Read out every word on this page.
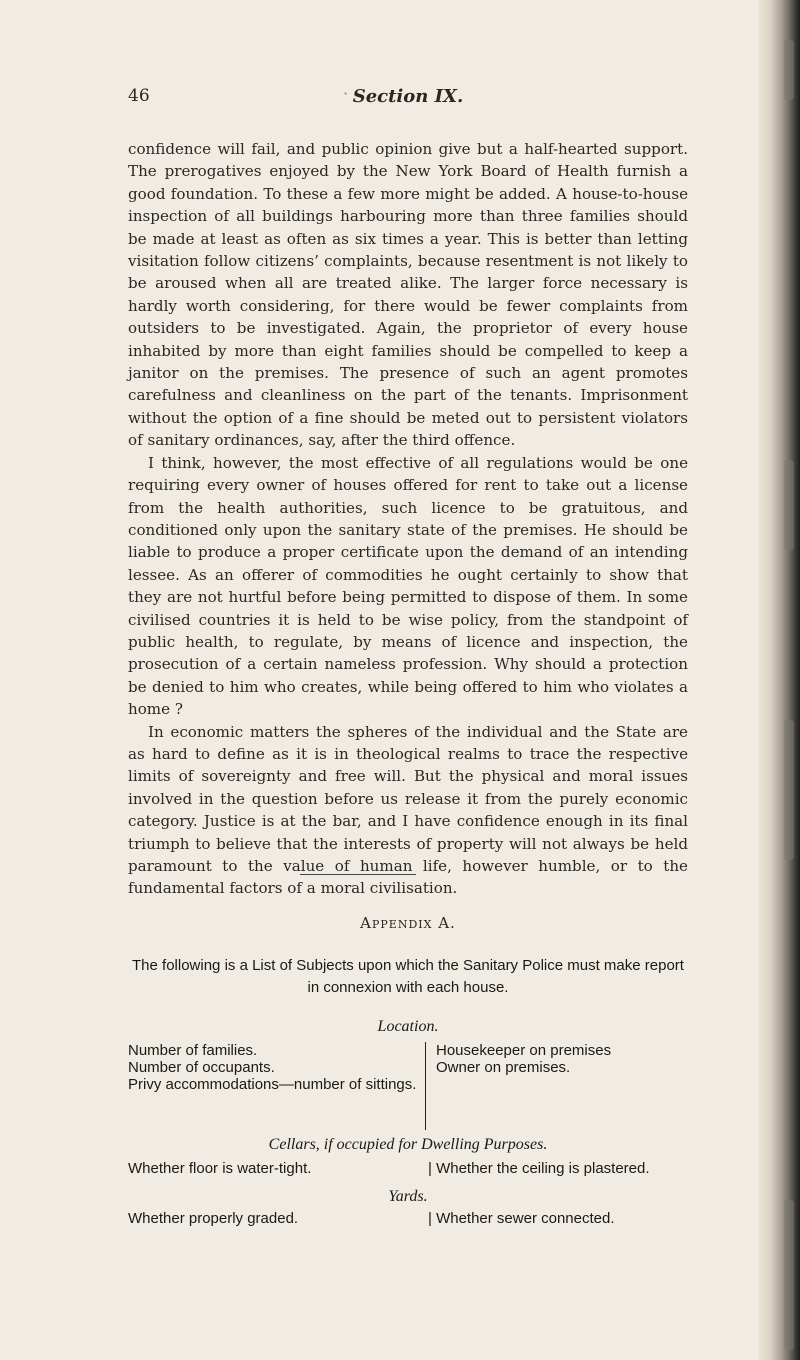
46	· Section IX.

confidence will fail, and public opinion give but a half-hearted support. The prerogatives enjoyed by the New York Board of Health furnish a good foundation. To these a few more might be added. A house-to-house inspection of all buildings harbouring more than three families should be made at least as often as six times a year. This is better than letting visitation follow citizens’ complaints, because resentment is not likely to be aroused when all are treated alike. The larger force necessary is hardly worth considering, for there would be fewer complaints from outsiders to be investigated. Again, the proprietor of every house inhabited by more than eight families should be compelled to keep a janitor on the premises. The presence of such an agent promotes carefulness and cleanliness on the part of the tenants. Imprisonment without the option of a fine should be meted out to persistent violators of sanitary ordinances, say, after the third offence.

I think, however, the most effective of all regulations would be one requiring every owner of houses offered for rent to take out a license from the health authorities, such licence to be gratuitous, and conditioned only upon the sanitary state of the premises. He should be liable to produce a proper certificate upon the demand of an intending lessee. As an offerer of commodities he ought certainly to show that they are not hurtful before being permitted to dispose of them. In some civilised countries it is held to be wise policy, from the standpoint of public health, to regulate, by means of licence and inspection, the prosecution of a certain nameless profession. Why should a protection be denied to him who creates, while being offered to him who violates a home ?

In economic matters the spheres of the individual and the State are as hard to define as it is in theological realms to trace the respective limits of sovereignty and free will. But the physical and moral issues involved in the question before us release it from the purely economic category. Justice is at the bar, and I have confidence enough in its final triumph to believe that the interests of property will not always be held paramount to the value of human life, however humble, or to the fundamental factors of a moral civilisation.

Appendix A.
The following is a List of Subjects upon which the Sanitary Police must make report in connexion with each house.
Location.
Number of families.
Number of occupants.
Privy accommodations—number of sittings.
Housekeeper on premises
Owner on premises.
Cellars, if occupied for Dwelling Purposes.
Whether floor is water-tight.	| Whether the ceiling is plastered.
Yards.
Whether properly graded.	| Whether sewer connected.
